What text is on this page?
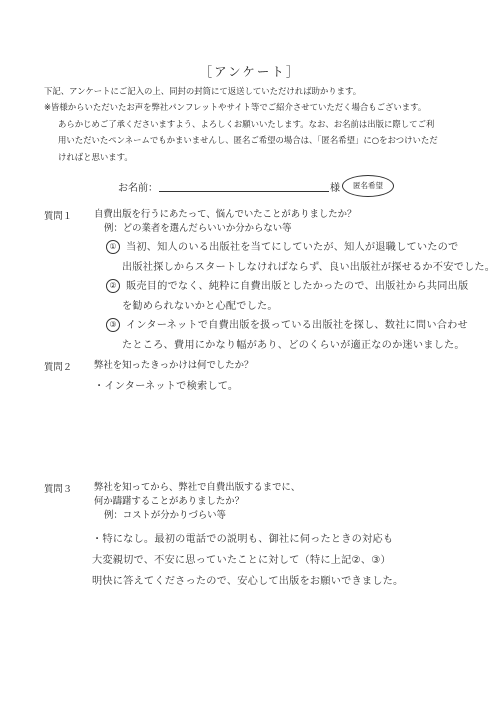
［アンケート］
下記、アンケートにご記入の上、同封の封筒にて返送していただければ助かります。
※皆様からいただいたお声を弊社パンフレットやサイト等でご紹介させていただく場合もございます。
あらかじめご了承くださいますよう、よろしくお願いいたします。なお、お名前は出版に際してご利
用いただいたペンネームでもかまいませんし、匿名ご希望の場合は、「匿名希望」に○をおつけいただ
ければと思います。
お名前：	様	匿名希望
質問１ 自費出版を行うにあたって、悩んでいたことがありましたか？
例：どの業者を選んだらいいか分からない等
① 当初、知人のいる出版社を当てにしていたが、知人が退職していたので
出版社探しからスタートしなければならず、良い出版社が探せるか不安でした。
② 販売目的でなく、純粋に自費出版としたかったので、出版社から共同出版
を勧められないかと心配でした。
③ インターネットで自費出版を扱っている出版社を探し、数社に問い合わせ
たところ、費用にかなり幅があり、どのくらいが適正なのか迷いました。
質問２ 弊社を知ったきっかけは何でしたか？
・インターネットで検索して。
質問３ 弊社を知ってから、弊社で自費出版するまでに、
何か躊躇することがありましたか？
例：コストが分かりづらい等
・特になし。最初の電話での説明も、御社に伺ったときの対応も
大変親切で、不安に思っていたことに対して（特に上記②、③）
明快に答えてくださったので、安心して出版をお願いできました。
